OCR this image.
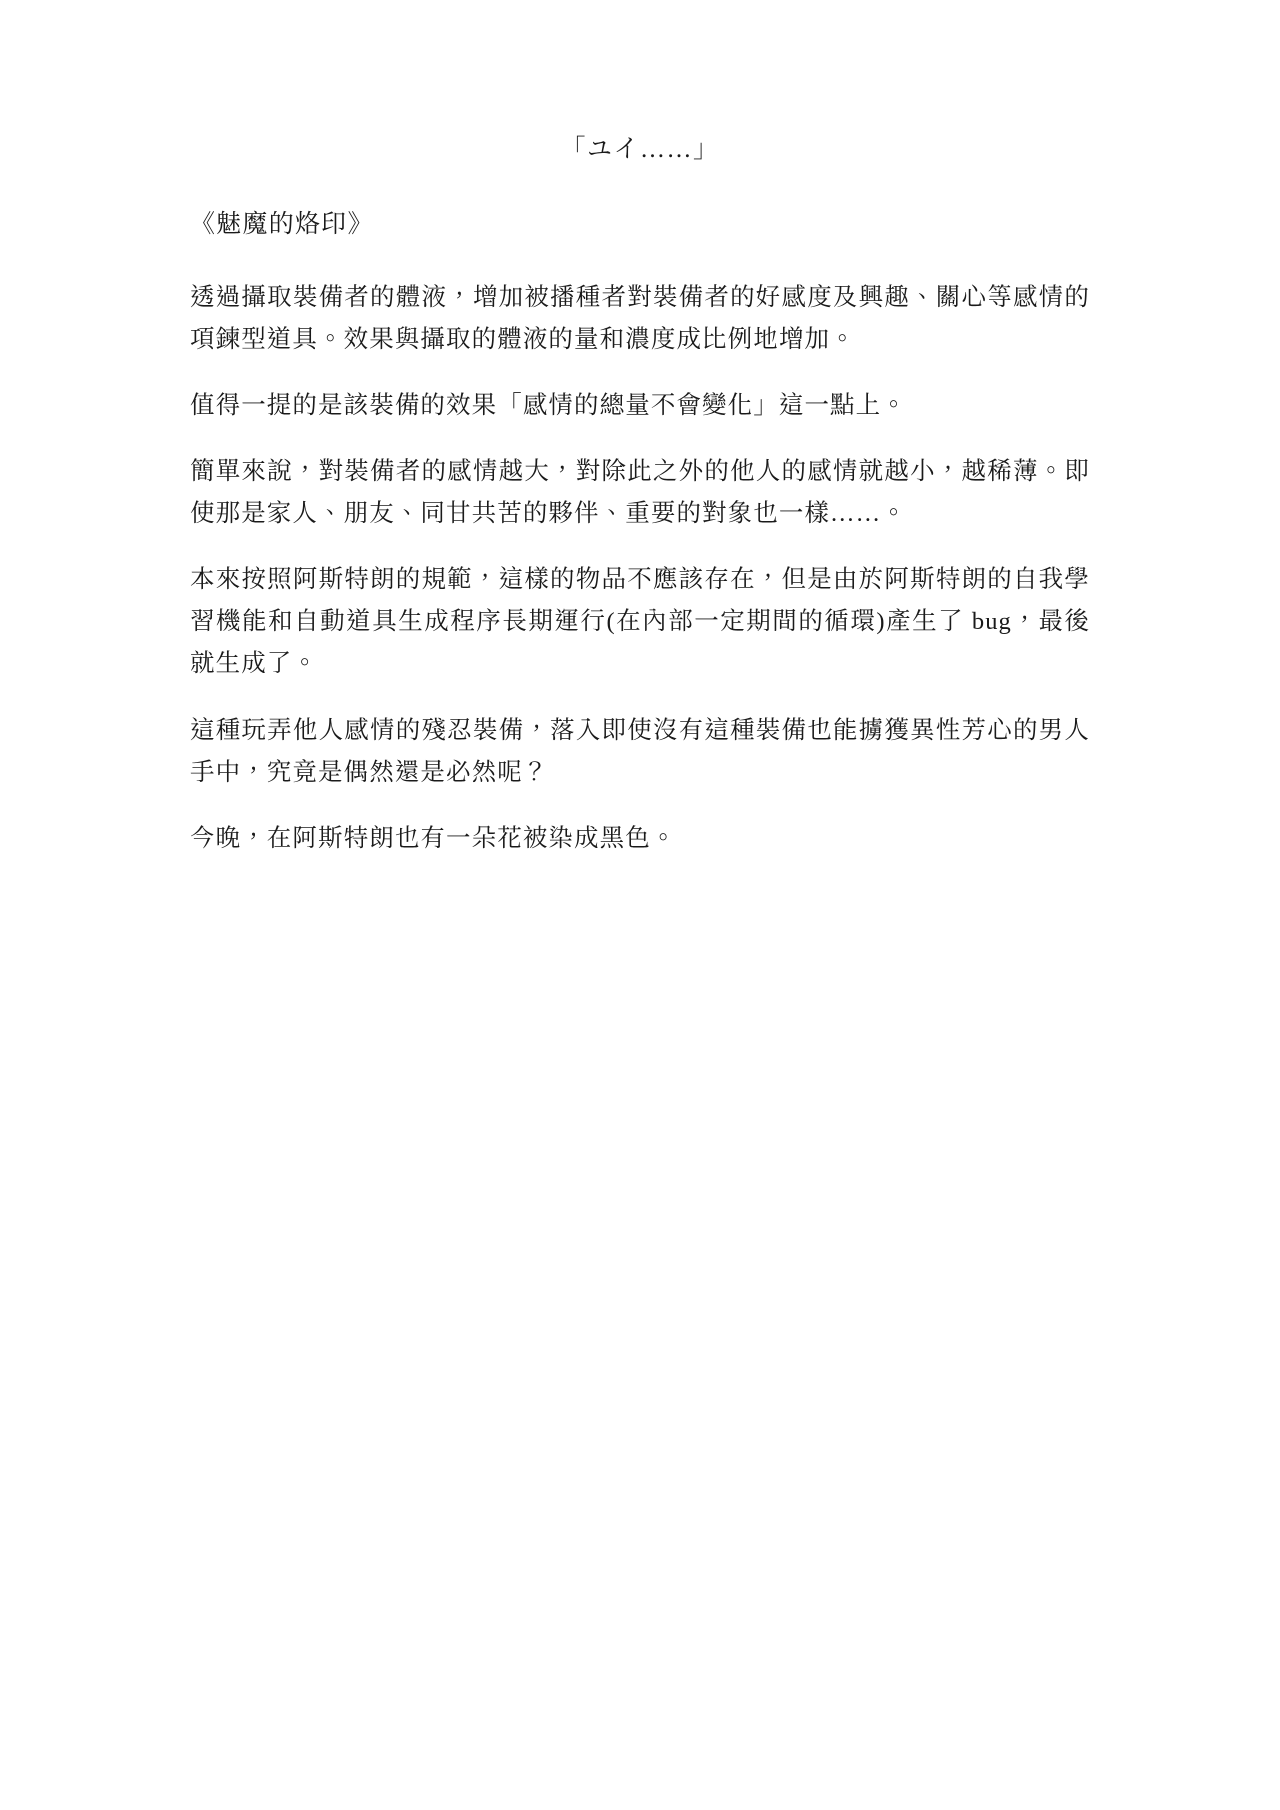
「ユイ……」

《魅魔的烙印》

透過攝取裝備者的體液，增加被播種者對裝備者的好感度及興趣、關心等感情的項鍊型道具。效果與攝取的體液的量和濃度成比例地增加。

值得一提的是該裝備的效果「感情的總量不會變化」這一點上。

簡單來說，對裝備者的感情越大，對除此之外的他人的感情就越小，越稀薄。即使那是家人、朋友、同甘共苦的夥伴、重要的對象也一樣……。

本來按照阿斯特朗的規範，這樣的物品不應該存在，但是由於阿斯特朗的自我學習機能和自動道具生成程序長期運行(在內部一定期間的循環)產生了 bug，最後就生成了。

這種玩弄他人感情的殘忍裝備，落入即使沒有這種裝備也能擄獲異性芳心的男人手中，究竟是偶然還是必然呢？

今晚，在阿斯特朗也有一朵花被染成黑色。
